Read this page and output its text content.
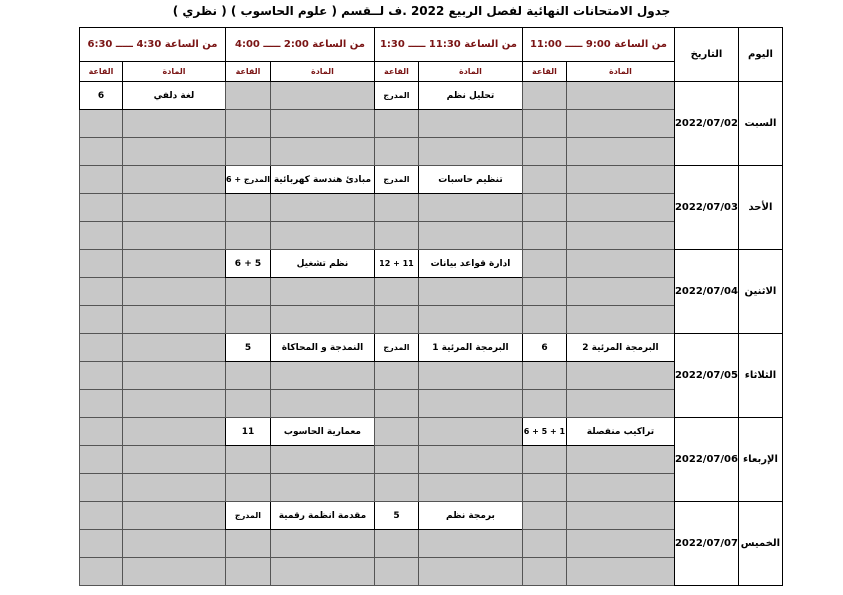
جدول الامتحانات النهائية لفصل الربيع 2022 .ف لــقسم ( علوم الحاسوب ) ( نظري )
اليوم	التاريخ	من الساعة 9:00 ـــــ 11:00		من الساعة 11:30 ـــــ 1:30		من الساعة 2:00 ـــــ 4:00		من الساعة 4:30 ـــــ 6:30	
		المادة	القاعة	المادة	القاعة	المادة	القاعة	المادة	القاعة
السبت	2022/07/02			تحليل نظم	المدرج			لغة دلفي	6

الأحد	2022/07/03			تنظيم حاسبات	المدرج	مبادئ هندسة كهربائية	المدرج + 6		

الاثنين	2022/07/04			ادارة قواعد بيانات	11 + 12	نظم تشغيل	5 + 6		

الثلاثاء	2022/07/05	البرمجة المرئية 2	6	البرمجة المرئية 1	المدرج	النمذجة و المحاكاة	5		

الإربعاء	2022/07/06	تراكيب منفصلة	1 + 5 + 6			معمارية الحاسوب	11		

الخميس	2022/07/07			برمجة نظم	5	مقدمة انظمة رقمية	المدرج		
